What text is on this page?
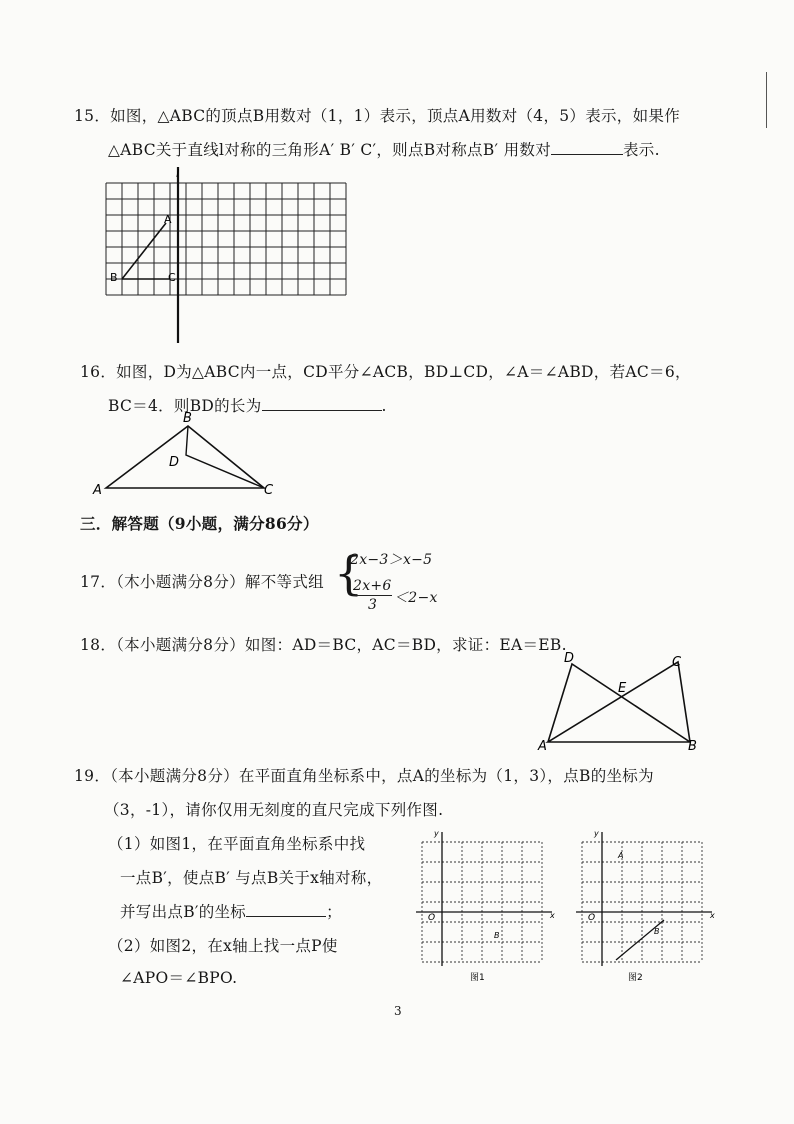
15．如图，△ABC的顶点B用数对（1，1）表示，顶点A用数对（4，5）表示，如果作
△ABC关于直线l对称的三角形A′ B′ C′，则点B对称点B′ 用数对	表示.
l
A
B	C
16．如图，D为△ABC内一点，CD平分∠ACB，BD⊥CD，∠A＝∠ABD，若AC＝6，
BC＝4．则BD的长为	.
B
D
A	C
三．解答题（9小题，满分86分）
17．（木小题满分8分）解不等式组 {
2x−3＞x−5
2x+6
3 ＜2−x
18．（本小题满分8分）如图：AD＝BC，AC＝BD，求证：EA＝EB.
D	C
E
A	B
19．（本小题满分8分）在平面直角坐标系中，点A的坐标为（1，3），点B的坐标为
（3，-1），请你仅用无刻度的直尺完成下列作图.
（1）如图1，在平面直角坐标系中找
一点B′，使点B′ 与点B关于x轴对称，
并写出点B′的坐标	；
（2）如图2，在x轴上找一点P使
∠APO＝∠BPO.
y
x
O
B
图1
y
x
O
A
B
图2
3
